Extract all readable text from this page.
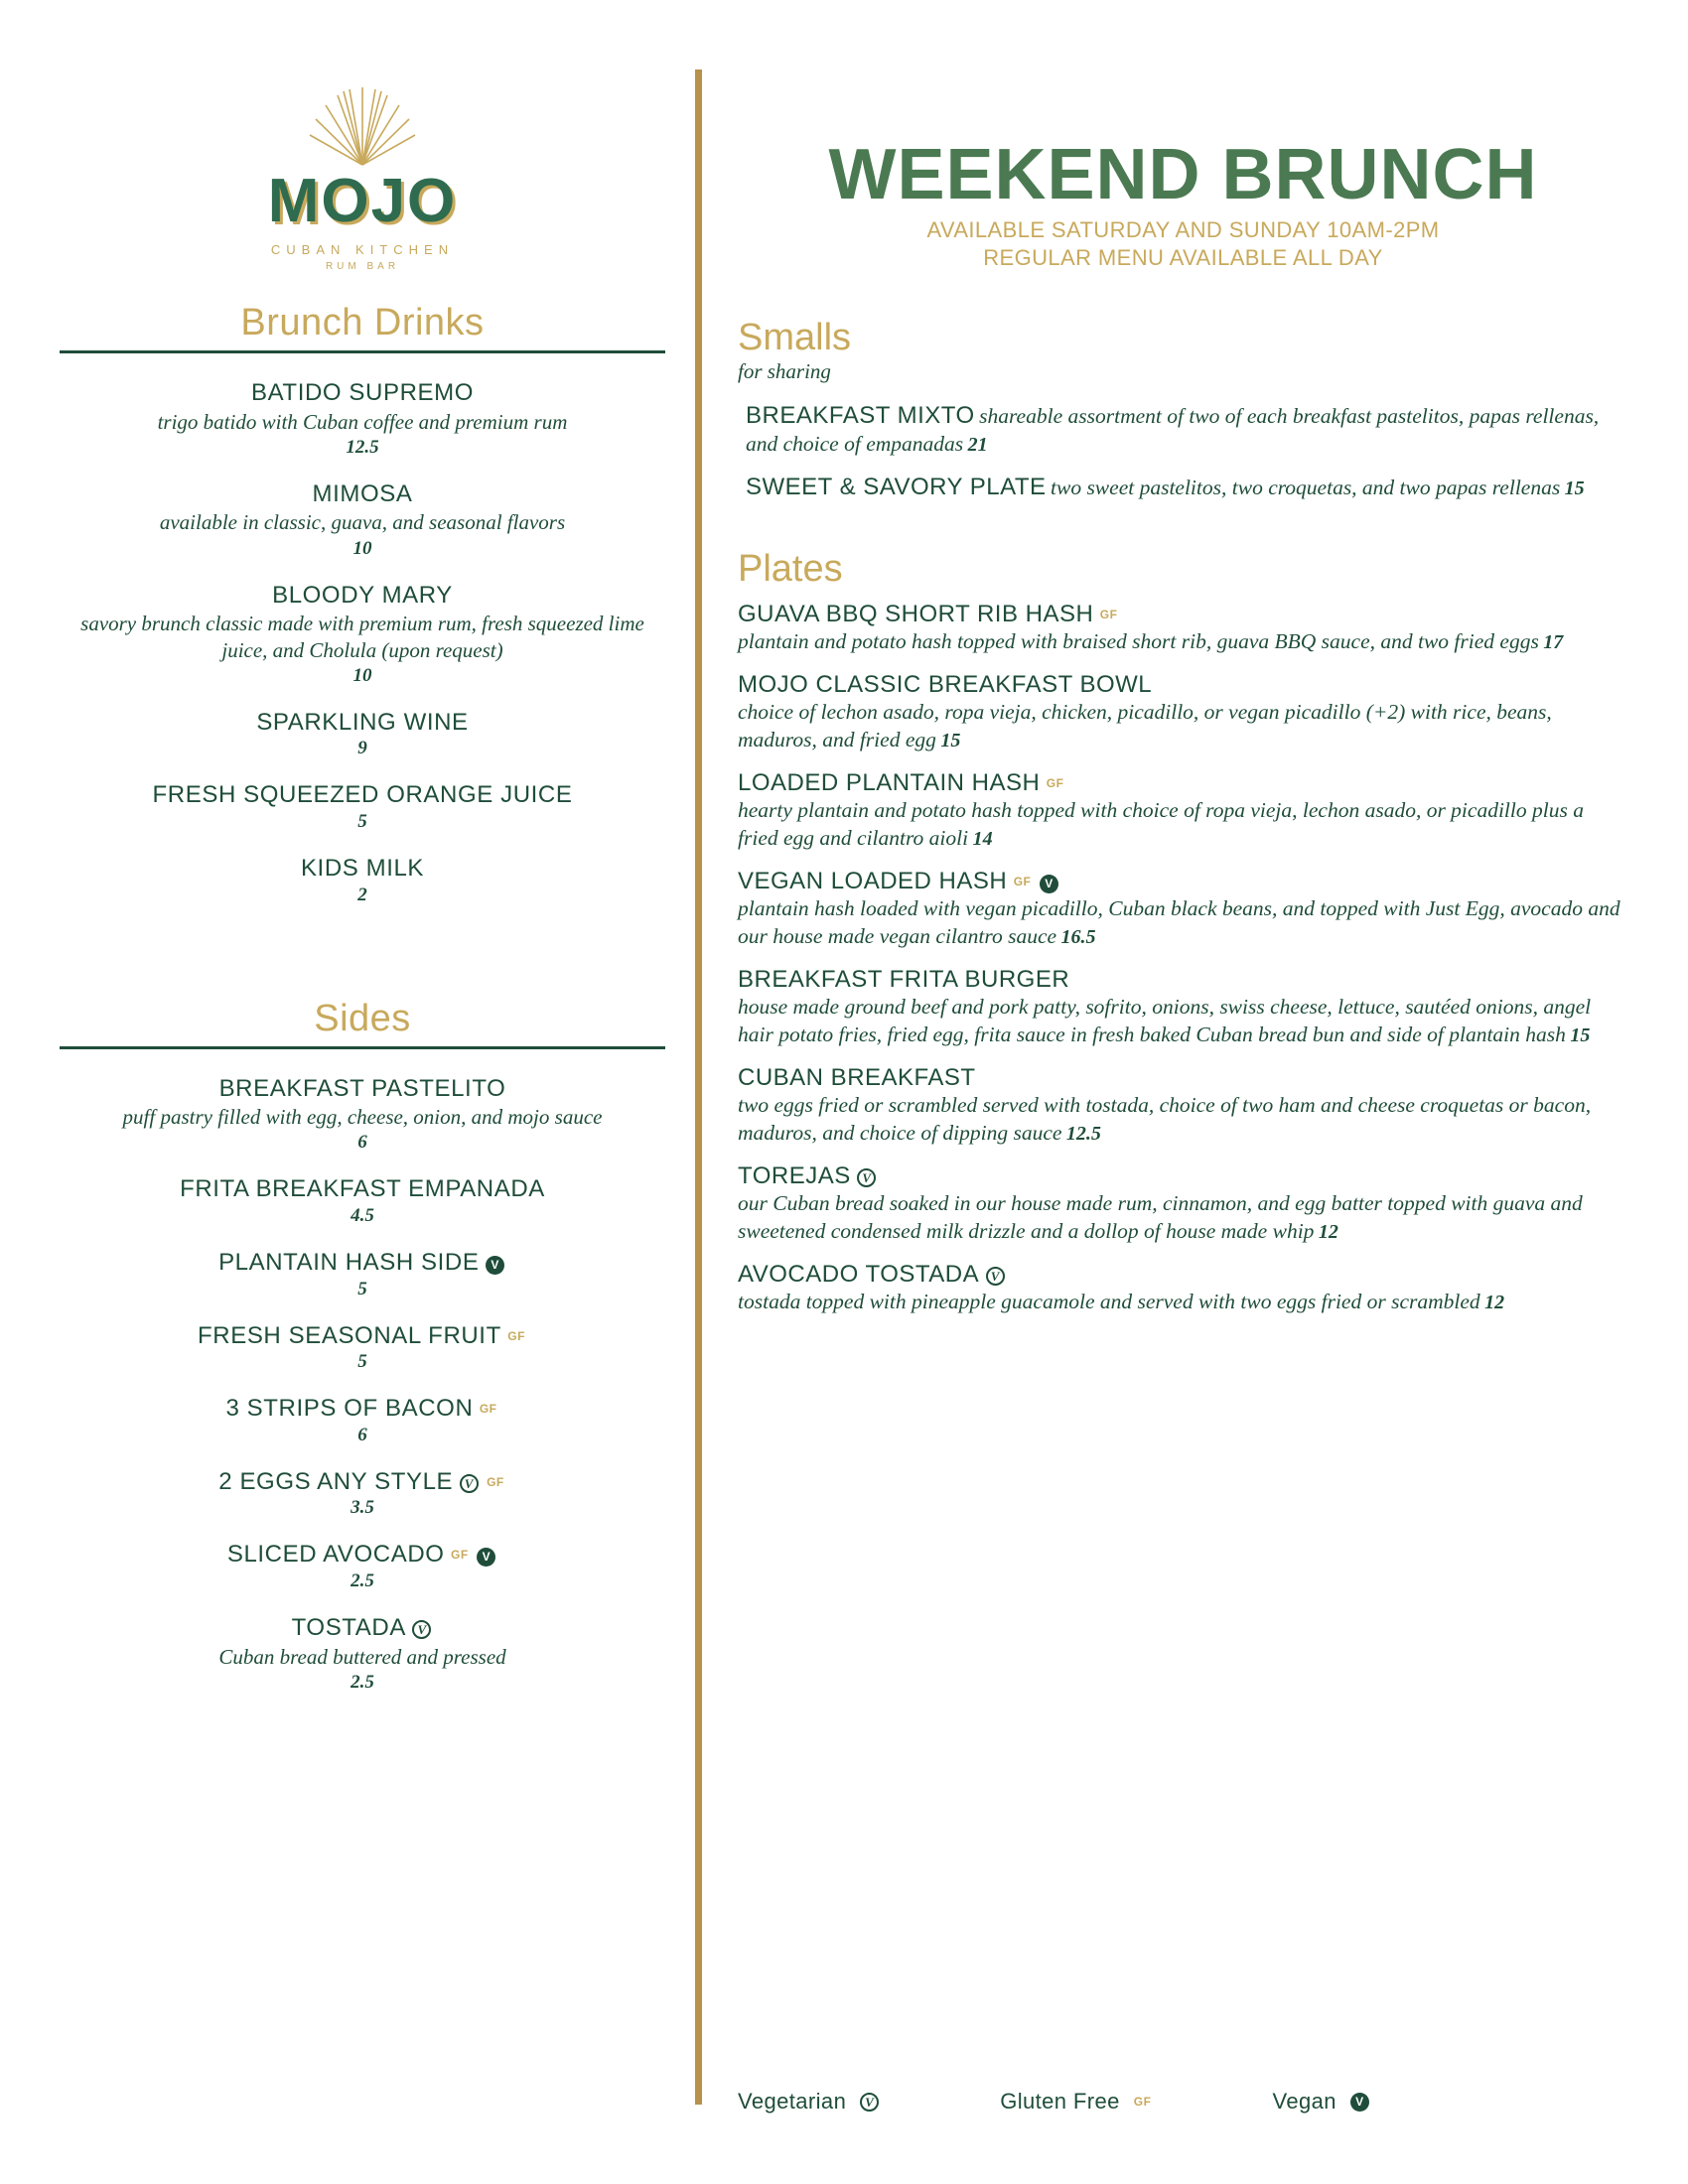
MOJO
CUBAN KITCHEN
RUM BAR
Brunch Drinks
BATIDO SUPREMO
trigo batido with Cuban coffee and premium rum
12.5
MIMOSA
available in classic, guava, and seasonal flavors
10
BLOODY MARY
savory brunch classic made with premium rum, fresh squeezed lime juice, and Cholula (upon request)
10
SPARKLING WINE
9
FRESH SQUEEZED ORANGE JUICE
5
KIDS MILK
2
Sides
BREAKFAST PASTELITO
puff pastry filled with egg, cheese, onion, and mojo sauce
6
FRITA BREAKFAST EMPANADA
4.5
PLANTAIN HASH SIDE V
5
FRESH SEASONAL FRUIT GF
5
3 STRIPS OF BACON GF
6
2 EGGS ANY STYLE V GF
3.5
SLICED AVOCADO GF V
2.5
TOSTADA V
Cuban bread buttered and pressed
2.5
WEEKEND BRUNCH
AVAILABLE SATURDAY AND SUNDAY 10AM-2PM
REGULAR MENU AVAILABLE ALL DAY
Smalls
for sharing
BREAKFAST MIXTO shareable assortment of two of each breakfast pastelitos, papas rellenas, and choice of empanadas 21
SWEET & SAVORY PLATE two sweet pastelitos, two croquetas, and two papas rellenas 15
Plates
GUAVA BBQ SHORT RIB HASH GF
plantain and potato hash topped with braised short rib, guava BBQ sauce, and two fried eggs 17
MOJO CLASSIC BREAKFAST BOWL
choice of lechon asado, ropa vieja, chicken, picadillo, or vegan picadillo (+2) with rice, beans, maduros, and fried egg 15
LOADED PLANTAIN HASH GF
hearty plantain and potato hash topped with choice of ropa vieja, lechon asado, or picadillo plus a fried egg and cilantro aioli 14
VEGAN LOADED HASH GF V
plantain hash loaded with vegan picadillo, Cuban black beans, and topped with Just Egg, avocado and our house made vegan cilantro sauce 16.5
BREAKFAST FRITA BURGER
house made ground beef and pork patty, sofrito, onions, swiss cheese, lettuce, sautéed onions, angel hair potato fries, fried egg, frita sauce in fresh baked Cuban bread bun and side of plantain hash 15
CUBAN BREAKFAST
two eggs fried or scrambled served with tostada, choice of two ham and cheese croquetas or bacon, maduros, and choice of dipping sauce 12.5
TOREJAS V
our Cuban bread soaked in our house made rum, cinnamon, and egg batter topped with guava and sweetened condensed milk drizzle and a dollop of house made whip 12
AVOCADO TOSTADA V
tostada topped with pineapple guacamole and served with two eggs fried or scrambled 12
Vegetarian	V	Gluten Free GF	Vegan	V
